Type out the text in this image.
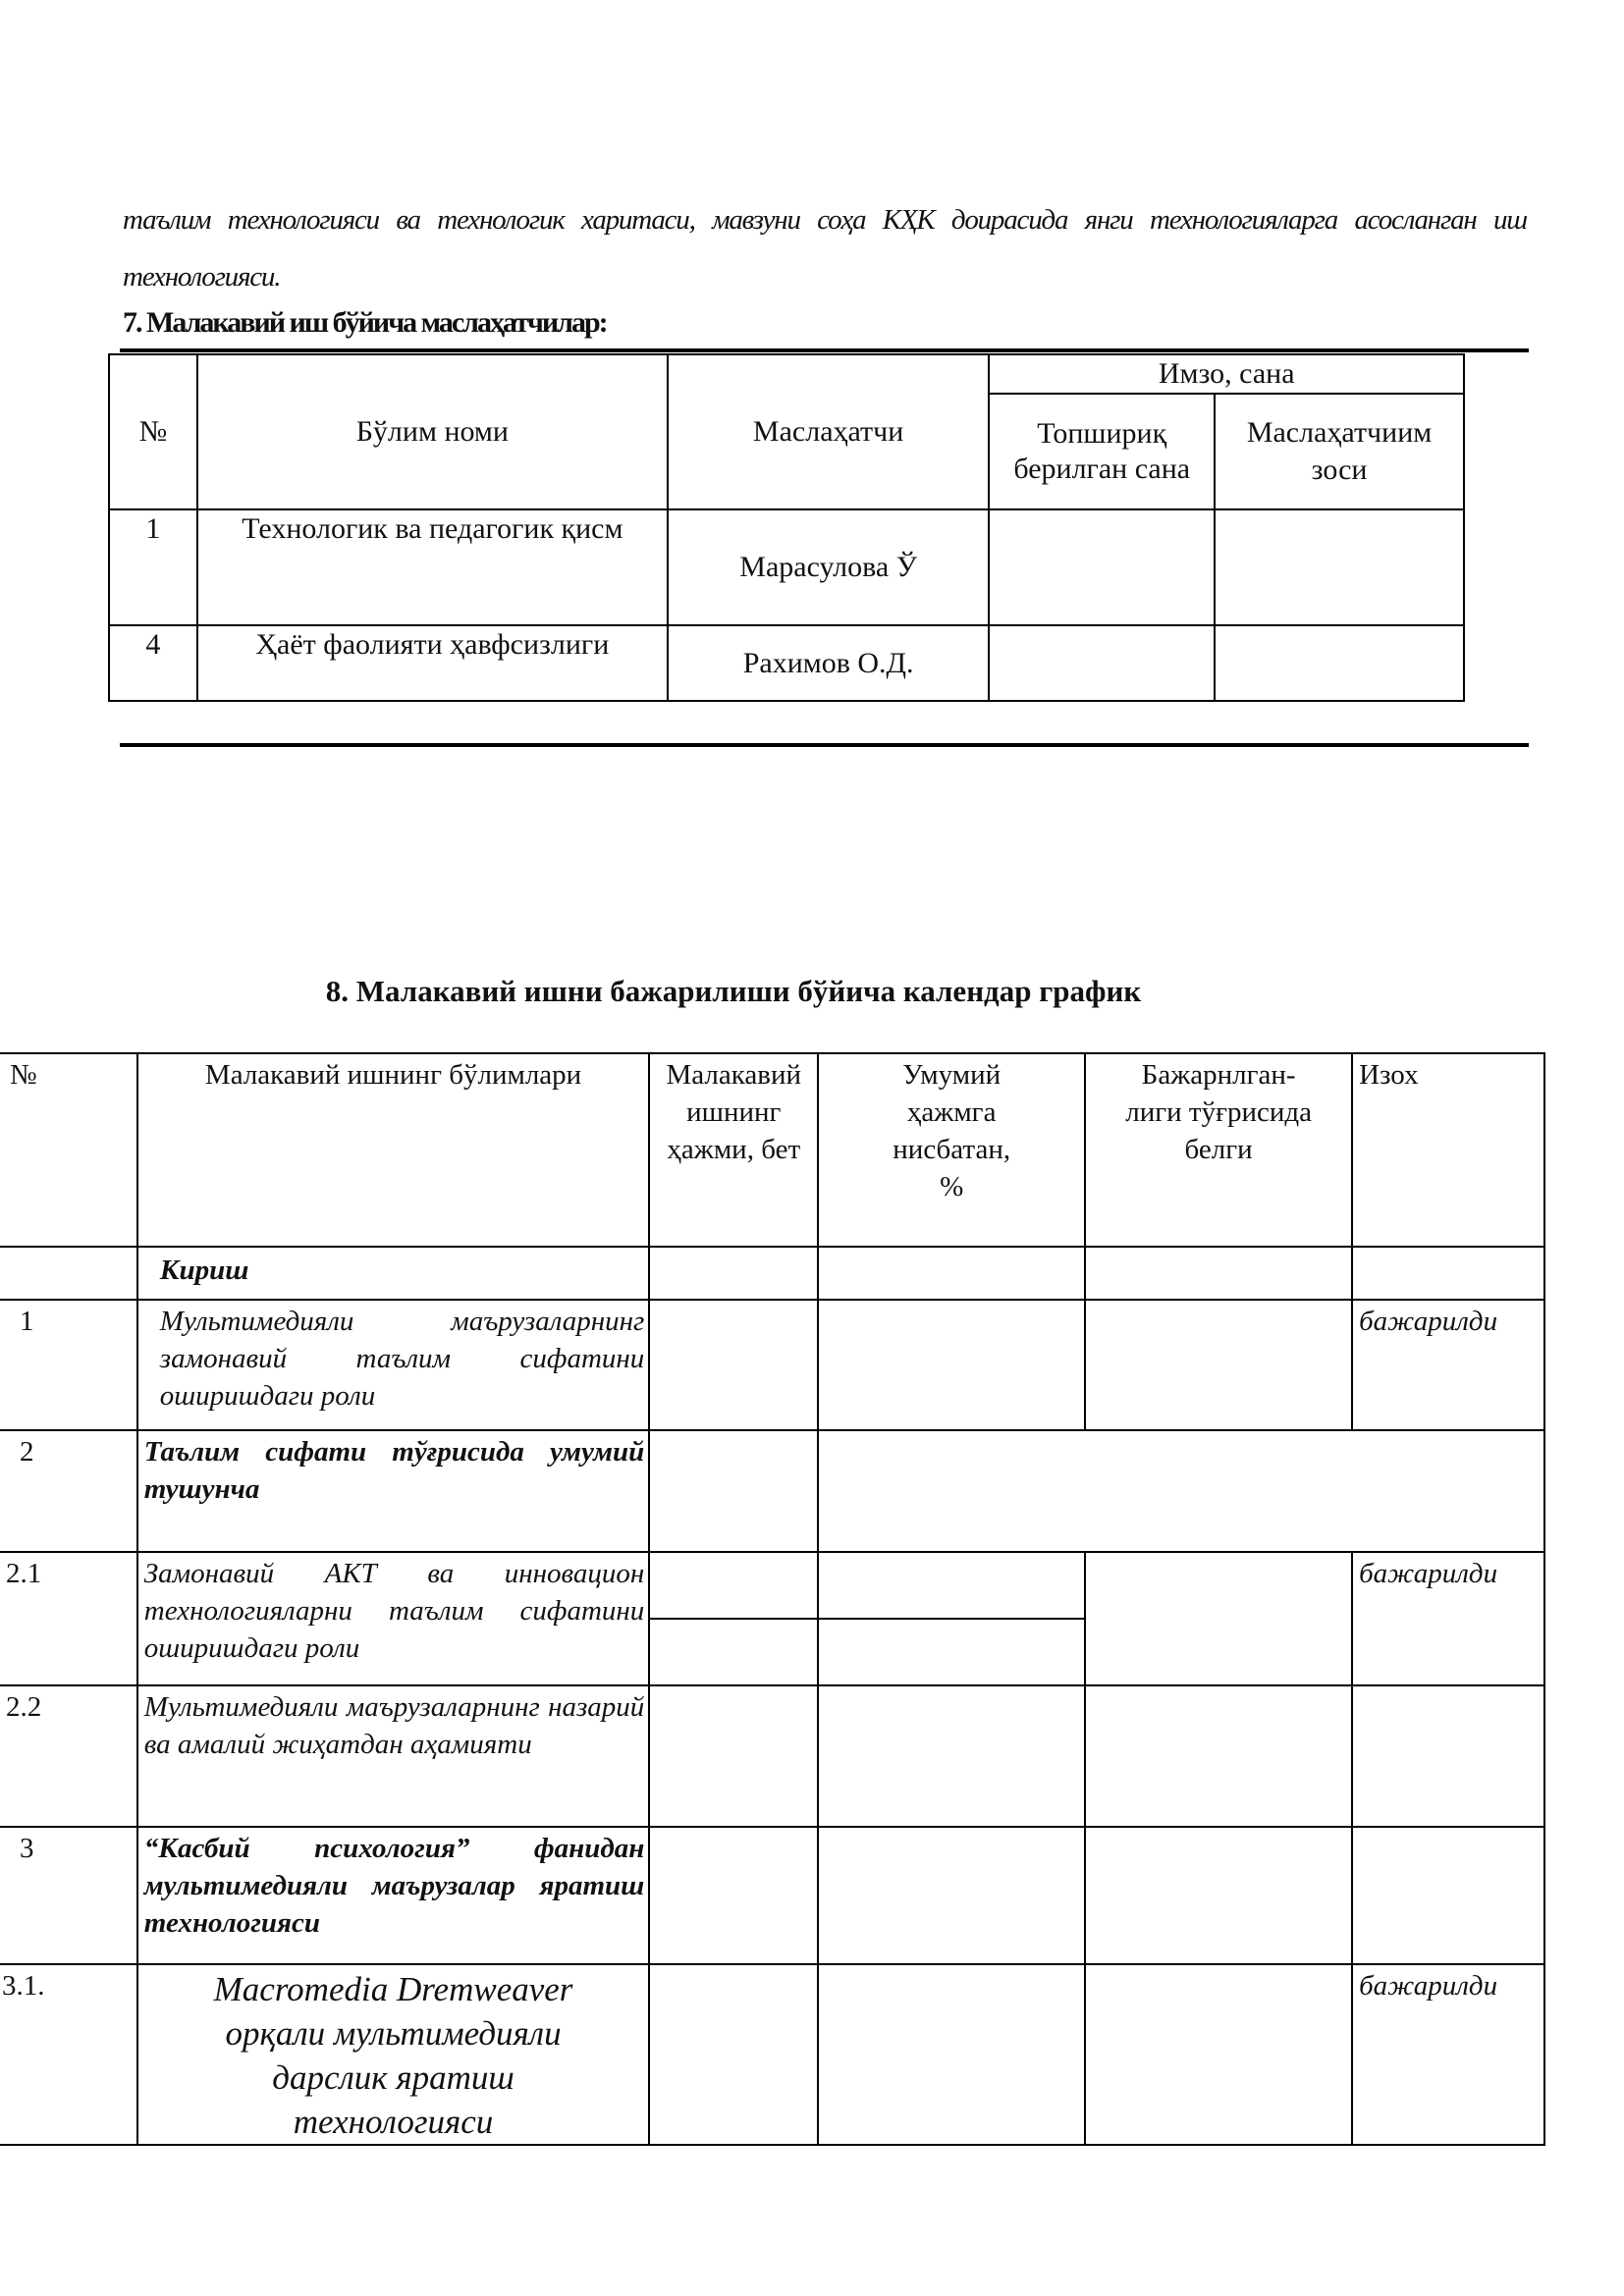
таълим технологияси ва технологик харитаси, мавзуни соҳа КҲК доирасида янги технологияларга асосланган иш технологияси.
7. Малакавий иш бўйича маслаҳатчилар:
№	Бўлим номи	Маслаҳатчи	Имзо, сана	
			Топшириқ берилган сана	Маслаҳатчиим зоси
1	Технологик ва педагогик қисм	Марасулова Ў		
4	Ҳаёт фаолияти ҳавфсизлиги	Рахимов О.Д.		
8. Малакавий ишни бажарилиши бўйича календар график
№	Малакавий ишнинг бўлимлари	Малакавий ишнинг ҳажми, бет	Умумий ҳажмга нисбатан, %	Бажарнлган-лиги тўғрисида белги	Изох
	Кириш				
1	Мультимедияли маърузаларнинг замонавий таълим сифатини оширишдаги роли				бажарилди
2	Таълим сифати тўғрисида умумий тушунча				
2.1	Замонавий АКТ ва инновацион технологияларни таълим сифатини оширишдаги роли				бажарилди

2.2	Мультимедияли маърузаларнинг назарий ва амалий жиҳатдан аҳамияти				
3	“Касбий психология” фанидан мультимедияли маърузалар яратиш технологияси				
3.1.	Macromedia Dremweaver орқали мультимедияли дарслик яратиш технологияси				бажарилди
